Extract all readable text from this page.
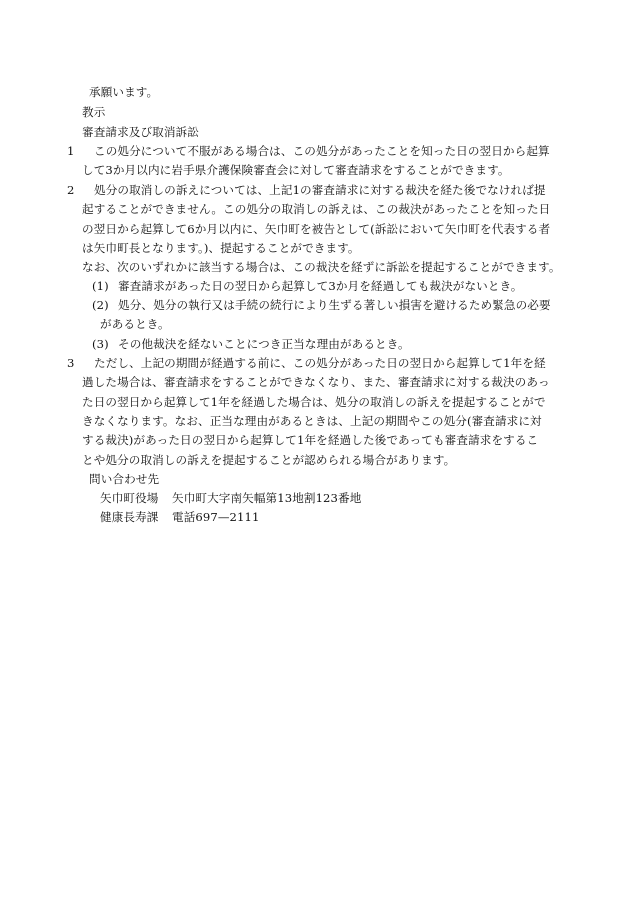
承願います。
教示
審査請求及び取消訴訟
1 この処分について不服がある場合は、この処分があったことを知った日の翌日から起算
して3か月以内に岩手県介護保険審査会に対して審査請求をすることができます。
2 処分の取消しの訴えについては、上記1の審査請求に対する裁決を経た後でなければ提
起することができません。この処分の取消しの訴えは、この裁決があったことを知った日
の翌日から起算して6か月以内に、矢巾町を被告として(訴訟において矢巾町を代表する者
は矢巾町長となります。)、提起することができます。
なお、次のいずれかに該当する場合は、この裁決を経ずに訴訟を提起することができます。
(1) 審査請求があった日の翌日から起算して3か月を経過しても裁決がないとき。
(2) 処分、処分の執行又は手続の続行により生ずる著しい損害を避けるため緊急の必要
があるとき。
(3) その他裁決を経ないことにつき正当な理由があるとき。
3 ただし、上記の期間が経過する前に、この処分があった日の翌日から起算して1年を経
過した場合は、審査請求をすることができなくなり、また、審査請求に対する裁決のあっ
た日の翌日から起算して1年を経過した場合は、処分の取消しの訴えを提起することがで
きなくなります。なお、正当な理由があるときは、上記の期間やこの処分(審査請求に対
する裁決)があった日の翌日から起算して1年を経過した後であっても審査請求をするこ
とや処分の取消しの訴えを提起することが認められる場合があります。
問い合わせ先
矢巾町役場 矢巾町大字南矢幅第13地割123番地
健康長寿課 電話697—2111
